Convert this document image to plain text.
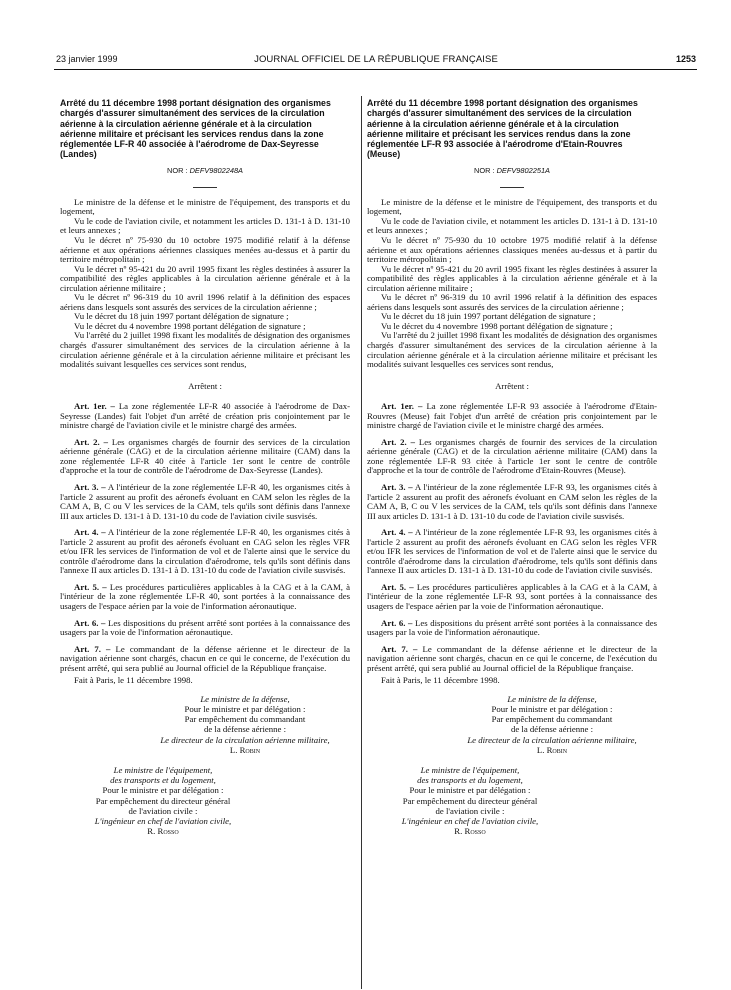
23 janvier 1999	JOURNAL OFFICIEL DE LA RÉPUBLIQUE FRANÇAISE	1253
Arrêté du 11 décembre 1998 portant désignation des organismes chargés d'assurer simultanément des services de la circulation aérienne à la circulation aérienne générale et à la circulation aérienne militaire et précisant les services rendus dans la zone réglementée LF-R 40 associée à l'aérodrome de Dax-Seyresse (Landes)
NOR : DEFV9802248A

Le ministre de la défense et le ministre de l'équipement, des transports et du logement,

Vu le code de l'aviation civile, et notamment les articles D. 131-1 à D. 131-10 et leurs annexes ;

Vu le décret nº 75-930 du 10 octobre 1975 modifié relatif à la défense aérienne et aux opérations aériennes classiques menées au-dessus et à partir du territoire métropolitain ;

Vu le décret nº 95-421 du 20 avril 1995 fixant les règles destinées à assurer la compatibilité des règles applicables à la circulation aérienne générale et à la circulation aérienne militaire ;

Vu le décret nº 96-319 du 10 avril 1996 relatif à la définition des espaces aériens dans lesquels sont assurés des services de la circulation aérienne ;

Vu le décret du 18 juin 1997 portant délégation de signature ;

Vu le décret du 4 novembre 1998 portant délégation de signature ;

Vu l'arrêté du 2 juillet 1998 fixant les modalités de désignation des organismes chargés d'assurer simultanément des services de la circulation aérienne à la circulation aérienne générale et à la circulation aérienne militaire et précisant les modalités suivant lesquelles ces services sont rendus,

Arrêtent :

Art. 1er. – La zone réglementée LF-R 40 associée à l'aérodrome de Dax-Seyresse (Landes) fait l'objet d'un arrêté de création pris conjointement par le ministre chargé de l'aviation civile et le ministre chargé des armées.

Art. 2. – Les organismes chargés de fournir des services de la circulation aérienne générale (CAG) et de la circulation aérienne militaire (CAM) dans la zone réglementée LF-R 40 citée à l'article 1er sont le centre de contrôle d'approche et la tour de contrôle de l'aérodrome de Dax-Seyresse (Landes).

Art. 3. – A l'intérieur de la zone réglementée LF-R 40, les organismes cités à l'article 2 assurent au profit des aéronefs évoluant en CAM selon les règles de la CAM A, B, C ou V les services de la CAM, tels qu'ils sont définis dans l'annexe III aux articles D. 131-1 à D. 131-10 du code de l'aviation civile susvisés.

Art. 4. – A l'intérieur de la zone réglementée LF-R 40, les organismes cités à l'article 2 assurent au profit des aéronefs évoluant en CAG selon les règles VFR et/ou IFR les services de l'information de vol et de l'alerte ainsi que le service du contrôle d'aérodrome dans la circulation d'aérodrome, tels qu'ils sont définis dans l'annexe II aux articles D. 131-1 à D. 131-10 du code de l'aviation civile susvisés.

Art. 5. – Les procédures particulières applicables à la CAG et à la CAM, à l'intérieur de la zone réglementée LF-R 40, sont portées à la connaissance des usagers de l'espace aérien par la voie de l'information aéronautique.

Art. 6. – Les dispositions du présent arrêté sont portées à la connaissance des usagers par la voie de l'information aéronautique.

Art. 7. – Le commandant de la défense aérienne et le directeur de la navigation aérienne sont chargés, chacun en ce qui le concerne, de l'exécution du présent arrêté, qui sera publié au Journal officiel de la République française.

Fait à Paris, le 11 décembre 1998.

Le ministre de la défense,
Pour le ministre et par délégation :
Par empêchement du commandant
de la défense aérienne :
Le directeur de la circulation aérienne militaire,
L. Robin
Le ministre de l'équipement,
des transports et du logement,
Pour le ministre et par délégation :
Par empêchement du directeur général
de l'aviation civile :
L'ingénieur en chef de l'aviation civile,
R. Rosso
Arrêté du 11 décembre 1998 portant désignation des organismes chargés d'assurer simultanément des services de la circulation aérienne à la circulation aérienne générale et à la circulation aérienne militaire et précisant les services rendus dans la zone réglementée LF-R 93 associée à l'aérodrome d'Etain-Rouvres (Meuse)
NOR : DEFV9802251A

Le ministre de la défense et le ministre de l'équipement, des transports et du logement,

Vu le code de l'aviation civile, et notamment les articles D. 131-1 à D. 131-10 et leurs annexes ;

Vu le décret nº 75-930 du 10 octobre 1975 modifié relatif à la défense aérienne et aux opérations aériennes classiques menées au-dessus et à partir du territoire métropolitain ;

Vu le décret nº 95-421 du 20 avril 1995 fixant les règles destinées à assurer la compatibilité des règles applicables à la circulation aérienne générale et à la circulation aérienne militaire ;

Vu le décret nº 96-319 du 10 avril 1996 relatif à la définition des espaces aériens dans lesquels sont assurés des services de la circulation aérienne ;

Vu le décret du 18 juin 1997 portant délégation de signature ;

Vu le décret du 4 novembre 1998 portant délégation de signature ;

Vu l'arrêté du 2 juillet 1998 fixant les modalités de désignation des organismes chargés d'assurer simultanément des services de la circulation aérienne à la circulation aérienne générale et à la circulation aérienne militaire et précisant les modalités suivant lesquelles ces services sont rendus,

Arrêtent :

Art. 1er. – La zone réglementée LF-R 93 associée à l'aérodrome d'Etain-Rouvres (Meuse) fait l'objet d'un arrêté de création pris conjointement par le ministre chargé de l'aviation civile et le ministre chargé des armées.

Art. 2. – Les organismes chargés de fournir des services de la circulation aérienne générale (CAG) et de la circulation aérienne militaire (CAM) dans la zone réglementée LF-R 93 citée à l'article 1er sont le centre de contrôle d'approche et la tour de contrôle de l'aérodrome d'Etain-Rouvres (Meuse).

Art. 3. – A l'intérieur de la zone réglementée LF-R 93, les organismes cités à l'article 2 assurent au profit des aéronefs évoluant en CAM selon les règles de la CAM A, B, C ou V les services de la CAM, tels qu'ils sont définis dans l'annexe III aux articles D. 131-1 à D. 131-10 du code de l'aviation civile susvisés.

Art. 4. – A l'intérieur de la zone réglementée LF-R 93, les organismes cités à l'article 2 assurent au profit des aéronefs évoluant en CAG selon les règles VFR et/ou IFR les services de l'information de vol et de l'alerte ainsi que le service du contrôle d'aérodrome dans la circulation d'aérodrome, tels qu'ils sont définis dans l'annexe II aux articles D. 131-1 à D. 131-10 du code de l'aviation civile susvisés.

Art. 5. – Les procédures particulières applicables à la CAG et à la CAM, à l'intérieur de la zone réglementée LF-R 93, sont portées à la connaissance des usagers de l'espace aérien par la voie de l'information aéronautique.

Art. 6. – Les dispositions du présent arrêté sont portées à la connaissance des usagers par la voie de l'information aéronautique.

Art. 7. – Le commandant de la défense aérienne et le directeur de la navigation aérienne sont chargés, chacun en ce qui le concerne, de l'exécution du présent arrêté, qui sera publié au Journal officiel de la République française.

Fait à Paris, le 11 décembre 1998.

Le ministre de la défense,
Pour le ministre et par délégation :
Par empêchement du commandant
de la défense aérienne :
Le directeur de la circulation aérienne militaire,
L. Robin
Le ministre de l'équipement,
des transports et du logement,
Pour le ministre et par délégation :
Par empêchement du directeur général
de l'aviation civile :
L'ingénieur en chef de l'aviation civile,
R. Rosso
